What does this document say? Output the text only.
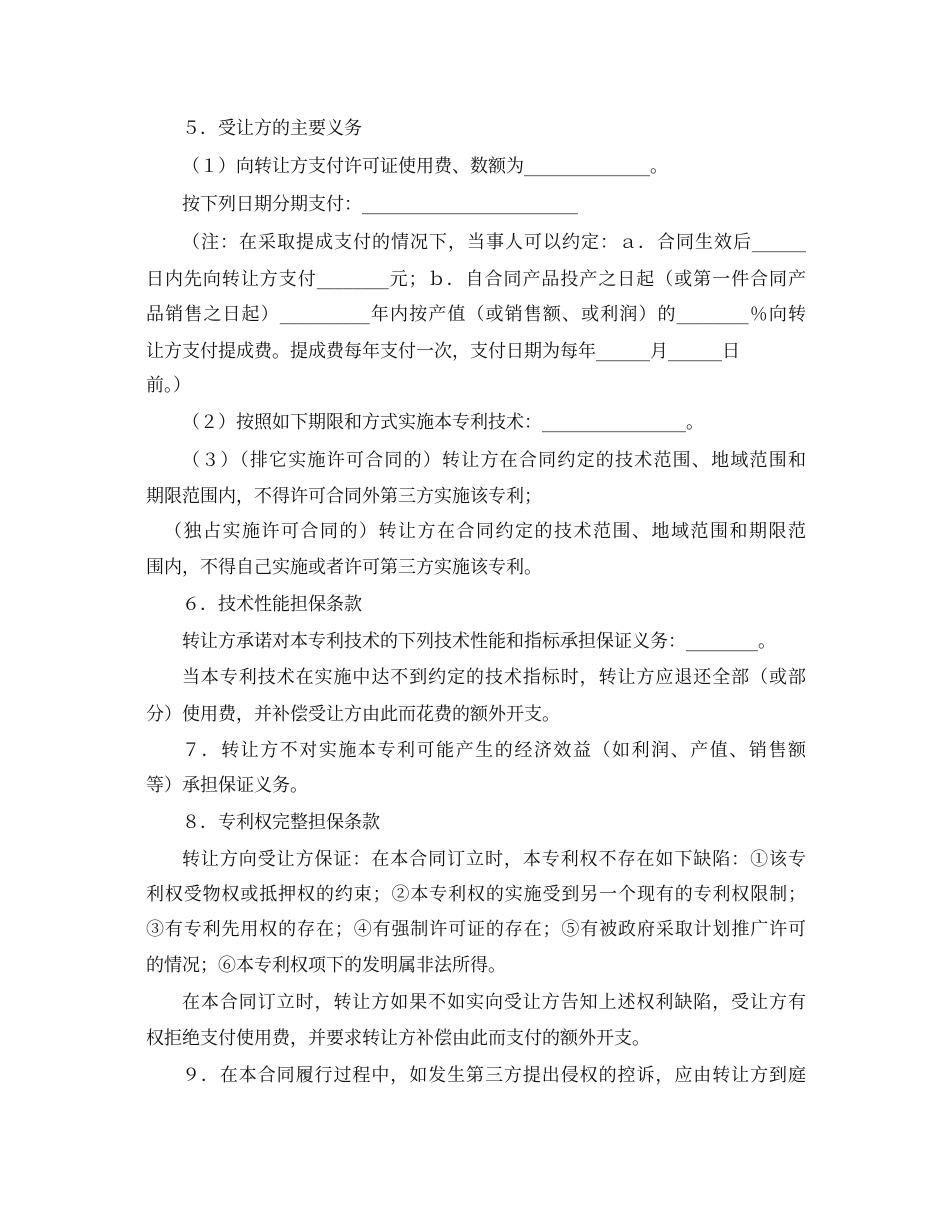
５．受让方的主要义务

（１）向转让方支付许可证使用费、数额为______________。

按下列日期分期支付：________________________

（注：在采取提成支付的情况下，当事人可以约定：ａ．合同生效后______

日内先向转让方支付________元；ｂ．自合同产品投产之日起（或第一件合同产

品销售之日起）__________年内按产值（或销售额、或利润）的________％向转

让方支付提成费。提成费每年支付一次，支付日期为每年______月______日

前。）

（２）按照如下期限和方式实施本专利技术：________________。

（３）（排它实施许可合同的）转让方在合同约定的技术范围、地域范围和

期限范围内，不得许可合同外第三方实施该专利；

（独占实施许可合同的）转让方在合同约定的技术范围、地域范围和期限范

围内，不得自己实施或者许可第三方实施该专利。

６．技术性能担保条款

转让方承诺对本专利技术的下列技术性能和指标承担保证义务：________。

当本专利技术在实施中达不到约定的技术指标时，转让方应退还全部（或部

分）使用费，并补偿受让方由此而花费的额外开支。

７．转让方不对实施本专利可能产生的经济效益（如利润、产值、销售额

等）承担保证义务。

８．专利权完整担保条款

转让方向受让方保证：在本合同订立时，本专利权不存在如下缺陷：①该专

利权受物权或抵押权的约束；②本专利权的实施受到另一个现有的专利权限制；

③有专利先用权的存在；④有强制许可证的存在；⑤有被政府采取计划推广许可

的情况；⑥本专利权项下的发明属非法所得。

在本合同订立时，转让方如果不如实向受让方告知上述权利缺陷，受让方有

权拒绝支付使用费，并要求转让方补偿由此而支付的额外开支。

９．在本合同履行过程中，如发生第三方提出侵权的控诉，应由转让方到庭
